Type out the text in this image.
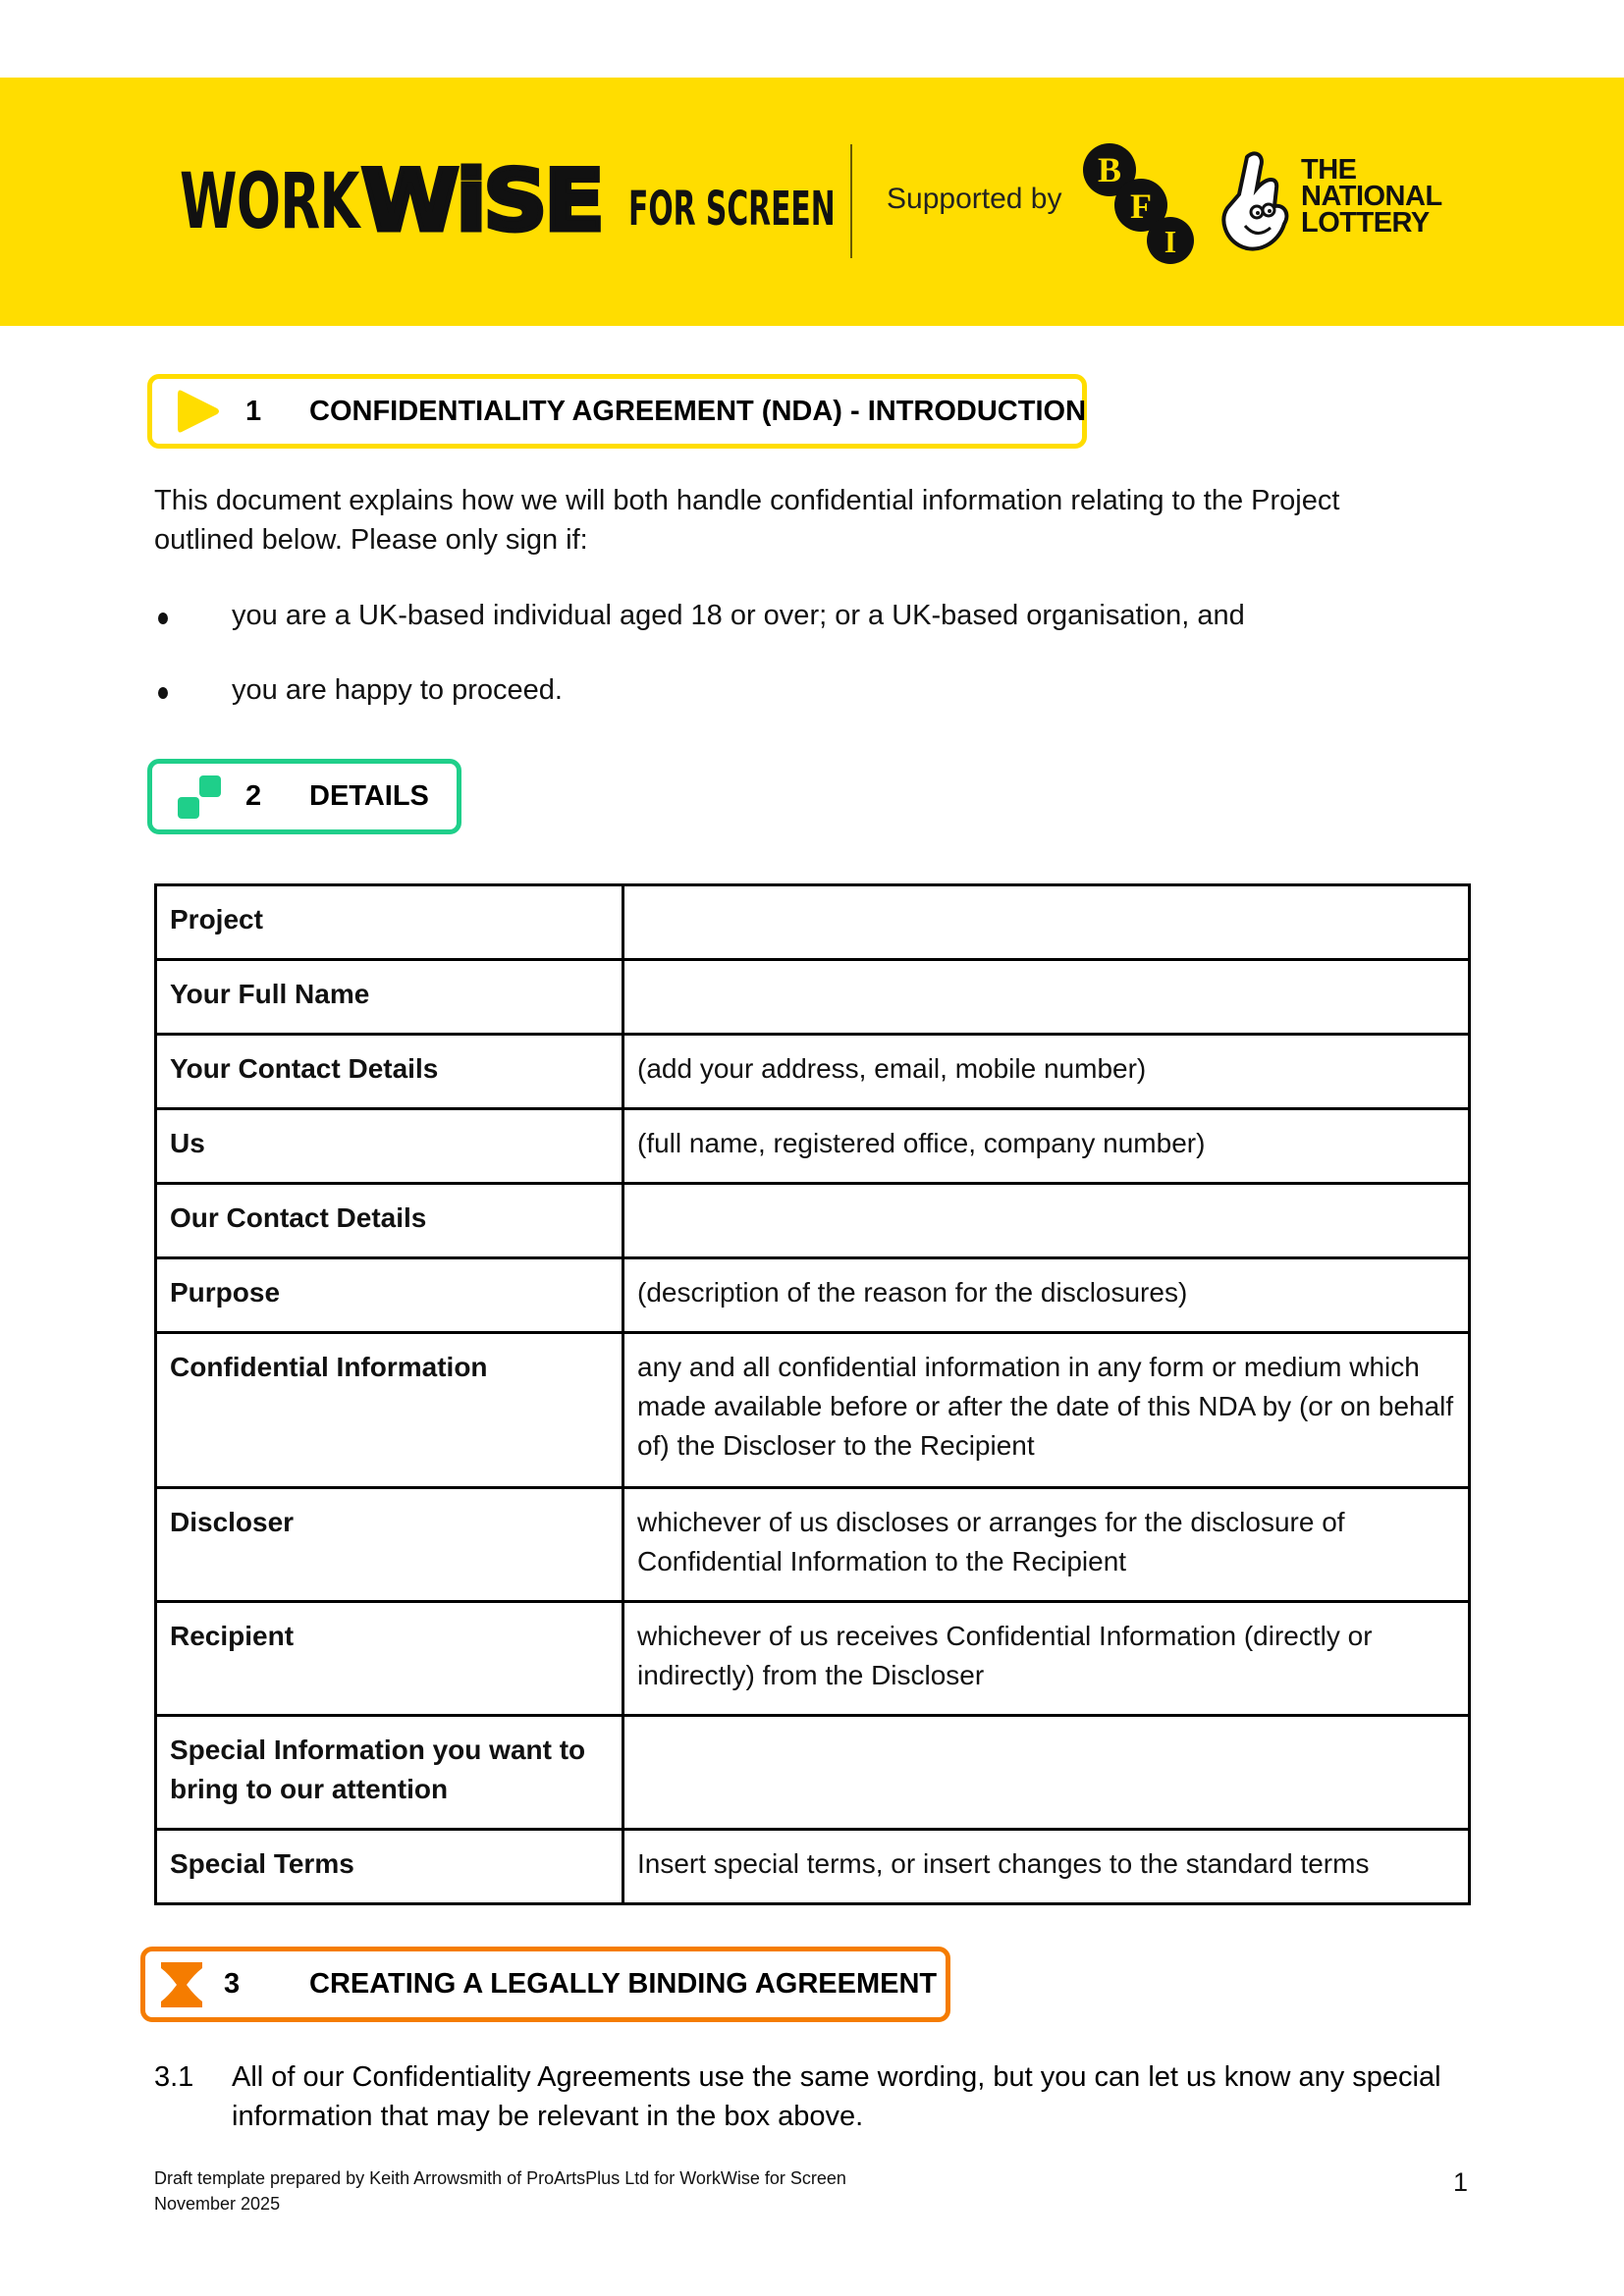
WORK WiSE FOR SCREEN Supported by
B
F
I
THE
NATIONAL
LOTTERY
1 CONFIDENTIALITY AGREEMENT (NDA) - INTRODUCTION
This document explains how we will both handle confidential information relating to the Project
outlined below. Please only sign if:
you are a UK-based individual aged 18 or over; or a UK-based organisation, and
you are happy to proceed.
2 DETAILS
Project	
Your Full Name	
Your Contact Details	(add your address, email, mobile number)
Us	(full name, registered office, company number)
Our Contact Details	
Purpose	(description of the reason for the disclosures)
Confidential Information	any and all confidential information in any form or medium which made available before or after the date of this NDA by (or on behalf of) the Discloser to the Recipient
Discloser	whichever of us discloses or arranges for the disclosure of Confidential Information to the Recipient
Recipient	whichever of us receives Confidential Information (directly or indirectly) from the Discloser
Special Information you want to bring to our attention	
Special Terms	Insert special terms, or insert changes to the standard terms
3 CREATING A LEGALLY BINDING AGREEMENT
3.1 All of our Confidentiality Agreements use the same wording, but you can let us know any special information that may be relevant in the box above.
Draft template prepared by Keith Arrowsmith of ProArtsPlus Ltd for WorkWise for Screen
November 2025
1
